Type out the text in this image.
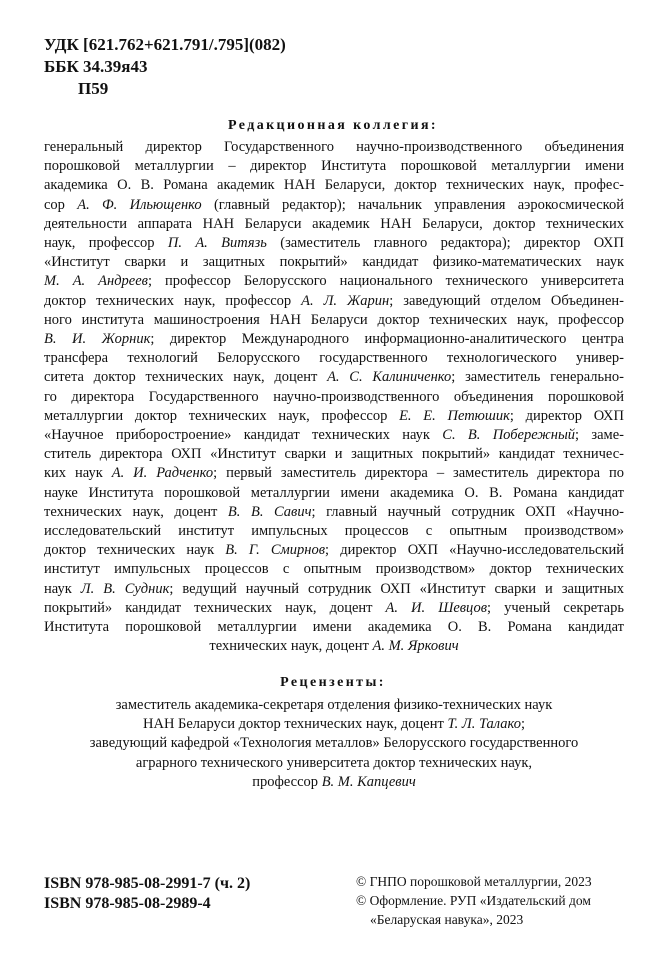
УДК [621.762+621.791/.795](082)
ББК 34.39я43
П59
Редакционная коллегия:

генеральный директор Государственного научно-производственного объединения

порошковой металлургии – директор Института порошковой металлургии имени

академика О. В. Романа академик НАН Беларуси, доктор технических наук, профес-

сор А. Ф. Ильющенко (главный редактор); начальник управления аэрокосмической

деятельности аппарата НАН Беларуси академик НАН Беларуси, доктор технических

наук, профессор П. А. Витязь (заместитель главного редактора); директор ОХП

«Институт сварки и защитных покрытий» кандидат физико-математических наук

М. А. Андреев; профессор Белорусского национального технического университета

доктор технических наук, профессор А. Л. Жарин; заведующий отделом Объединен-

ного института машиностроения НАН Беларуси доктор технических наук, профессор

В. И. Жорник; директор Международного информационно-аналитического центра

трансфера технологий Белорусского государственного технологического универ-

ситета доктор технических наук, доцент А. С. Калиниченко; заместитель генерально-

го директора Государственного научно-производственного объединения порошковой

металлургии доктор технических наук, профессор Е. Е. Петюшик; директор ОХП

«Научное приборостроение» кандидат технических наук С. В. Побережный; заме-

ститель директора ОХП «Институт сварки и защитных покрытий» кандидат техничес-

ких наук А. И. Радченко; первый заместитель директора – заместитель директора по

науке Института порошковой металлургии имени академика О. В. Романа кандидат

технических наук, доцент В. В. Савич; главный научный сотрудник ОХП «Научно-

исследовательский институт импульсных процессов с опытным производством»

доктор технических наук В. Г. Смирнов; директор ОХП «Научно-исследовательский

институт импульсных процессов с опытным производством» доктор технических

наук Л. В. Судник; ведущий научный сотрудник ОХП «Институт сварки и защитных

покрытий» кандидат технических наук, доцент А. И. Шевцов; ученый секретарь

Института порошковой металлургии имени академика О. В. Романа кандидат

технических наук, доцент А. М. Яркович

Рецензенты:
заместитель академика-секретаря отделения физико-технических наук
НАН Беларуси доктор технических наук, доцент Т. Л. Талако;
заведующий кафедрой «Технология металлов» Белорусского государственного
аграрного технического университета доктор технических наук,
профессор В. М. Капцевич
ISBN 978-985-08-2991-7 (ч. 2)
ISBN 978-985-08-2989-4
© ГНПО порошковой металлургии, 2023
© Оформление. РУП «Издательский дом
«Беларуская навука», 2023
